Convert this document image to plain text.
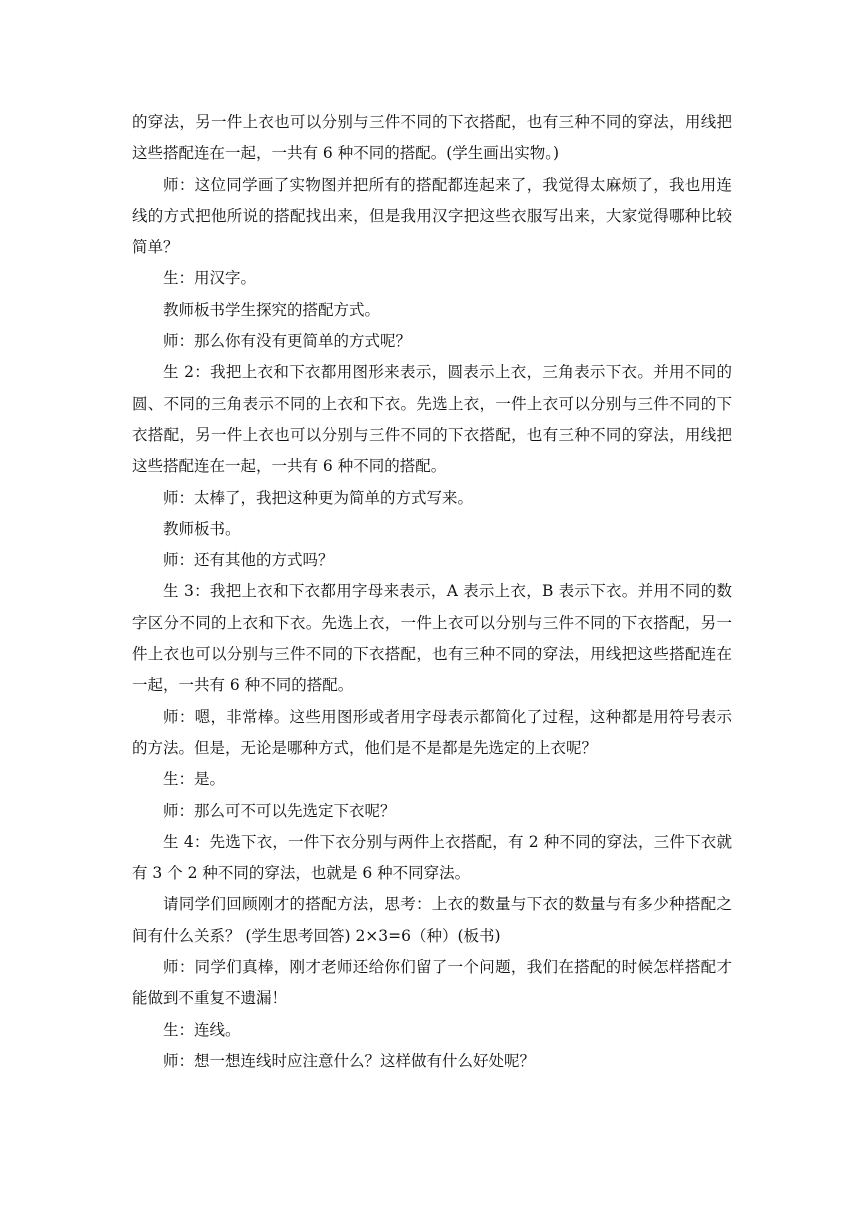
的穿法，另一件上衣也可以分别与三件不同的下衣搭配，也有三种不同的穿法，用线把这些搭配连在一起，一共有 6 种不同的搭配。(学生画出实物。)

师：这位同学画了实物图并把所有的搭配都连起来了，我觉得太麻烦了，我也用连线的方式把他所说的搭配找出来，但是我用汉字把这些衣服写出来，大家觉得哪种比较简单？

生：用汉字。

教师板书学生探究的搭配方式。

师：那么你有没有更简单的方式呢？

生 2：我把上衣和下衣都用图形来表示，圆表示上衣，三角表示下衣。并用不同的圆、不同的三角表示不同的上衣和下衣。先选上衣，一件上衣可以分别与三件不同的下衣搭配，另一件上衣也可以分别与三件不同的下衣搭配，也有三种不同的穿法，用线把这些搭配连在一起，一共有 6 种不同的搭配。

师：太棒了，我把这种更为简单的方式写来。

教师板书。

师：还有其他的方式吗？

生 3：我把上衣和下衣都用字母来表示，A 表示上衣，B 表示下衣。并用不同的数字区分不同的上衣和下衣。先选上衣，一件上衣可以分别与三件不同的下衣搭配，另一件上衣也可以分别与三件不同的下衣搭配，也有三种不同的穿法，用线把这些搭配连在一起，一共有 6 种不同的搭配。

师：嗯，非常棒。这些用图形或者用字母表示都简化了过程，这种都是用符号表示的方法。但是，无论是哪种方式，他们是不是都是先选定的上衣呢？

生：是。

师：那么可不可以先选定下衣呢？

生 4：先选下衣，一件下衣分别与两件上衣搭配，有 2 种不同的穿法，三件下衣就有 3 个 2 种不同的穿法，也就是 6 种不同穿法。

请同学们回顾刚才的搭配方法，思考：上衣的数量与下衣的数量与有多少种搭配之间有什么关系？ (学生思考回答) 2×3=6（种）(板书)

师：同学们真棒，刚才老师还给你们留了一个问题，我们在搭配的时候怎样搭配才能做到不重复不遗漏！

生：连线。

师：想一想连线时应注意什么？这样做有什么好处呢？
